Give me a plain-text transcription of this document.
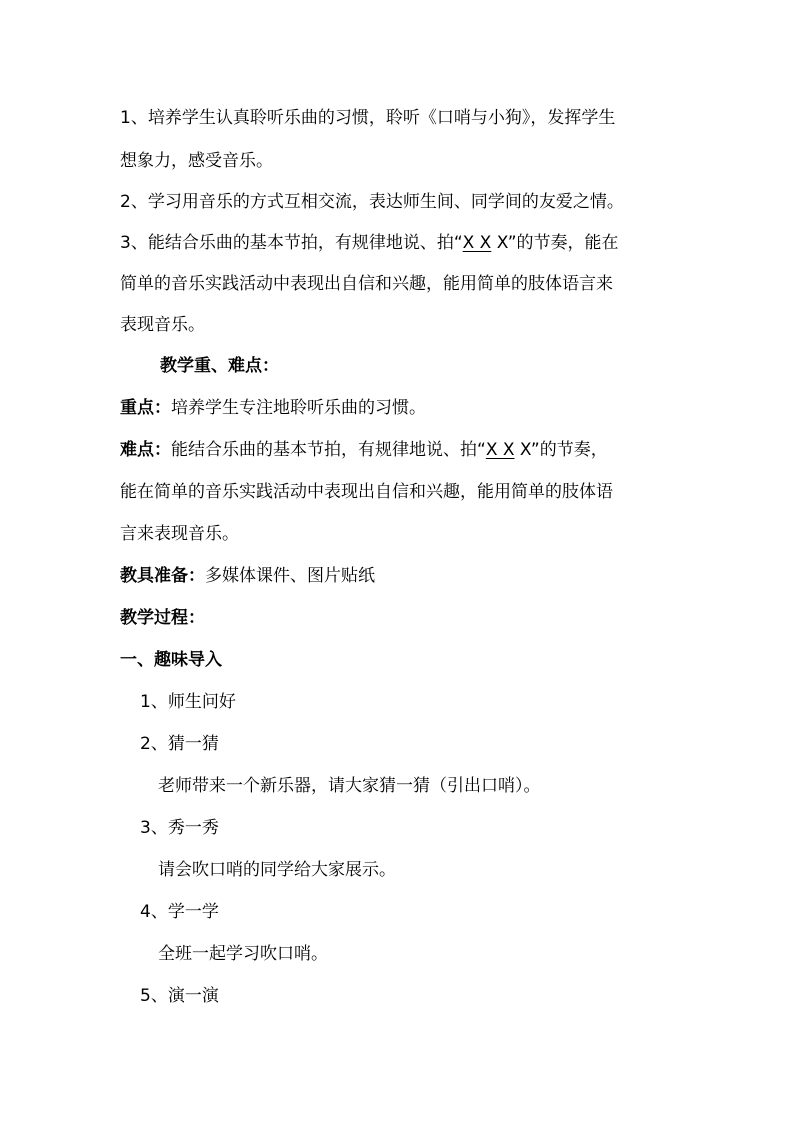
1、培养学生认真聆听乐曲的习惯，聆听《口哨与小狗》，发挥学生
想象力，感受音乐。
2、学习用音乐的方式互相交流，表达师生间、同学间的友爱之情。
3、能结合乐曲的基本节拍，有规律地说、拍“X X X”的节奏，能在
简单的音乐实践活动中表现出自信和兴趣，能用简单的肢体语言来
表现音乐。
教学重、难点：
重点：培养学生专注地聆听乐曲的习惯。
难点：能结合乐曲的基本节拍，有规律地说、拍“X X X”的节奏，
能在简单的音乐实践活动中表现出自信和兴趣，能用简单的肢体语
言来表现音乐。
教具准备：多媒体课件、图片贴纸
教学过程：
一、趣味导入
1、师生问好
2、猜一猜
老师带来一个新乐器，请大家猜一猜（引出口哨）。
3、秀一秀
请会吹口哨的同学给大家展示。
4、学一学
全班一起学习吹口哨。
5、演一演
